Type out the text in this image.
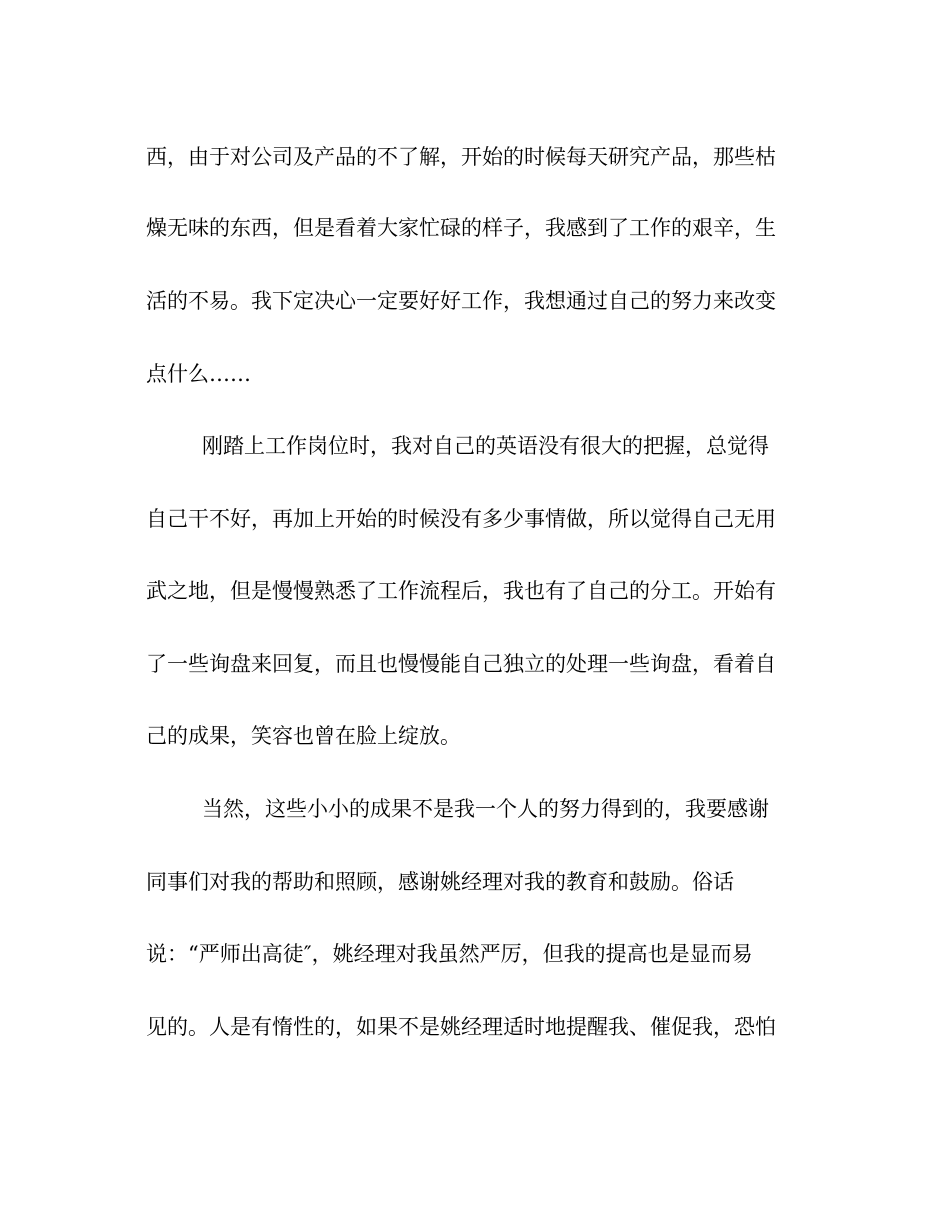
西，由于对公司及产品的不了解，开始的时候每天研究产品，那些枯
燥无味的东西，但是看着大家忙碌的样子，我感到了工作的艰辛，生
活的不易。我下定决心一定要好好工作，我想通过自己的努力来改变
点什么……
刚踏上工作岗位时，我对自己的英语没有很大的把握，总觉得
自己干不好，再加上开始的时候没有多少事情做，所以觉得自己无用
武之地，但是慢慢熟悉了工作流程后，我也有了自己的分工。开始有
了一些询盘来回复，而且也慢慢能自己独立的处理一些询盘，看着自
己的成果，笑容也曾在脸上绽放。
当然，这些小小的成果不是我一个人的努力得到的，我要感谢
同事们对我的帮助和照顾，感谢姚经理对我的教育和鼓励。俗话
说：“严师出高徒″，姚经理对我虽然严厉，但我的提高也是显而易
见的。人是有惰性的，如果不是姚经理适时地提醒我、催促我，恐怕
